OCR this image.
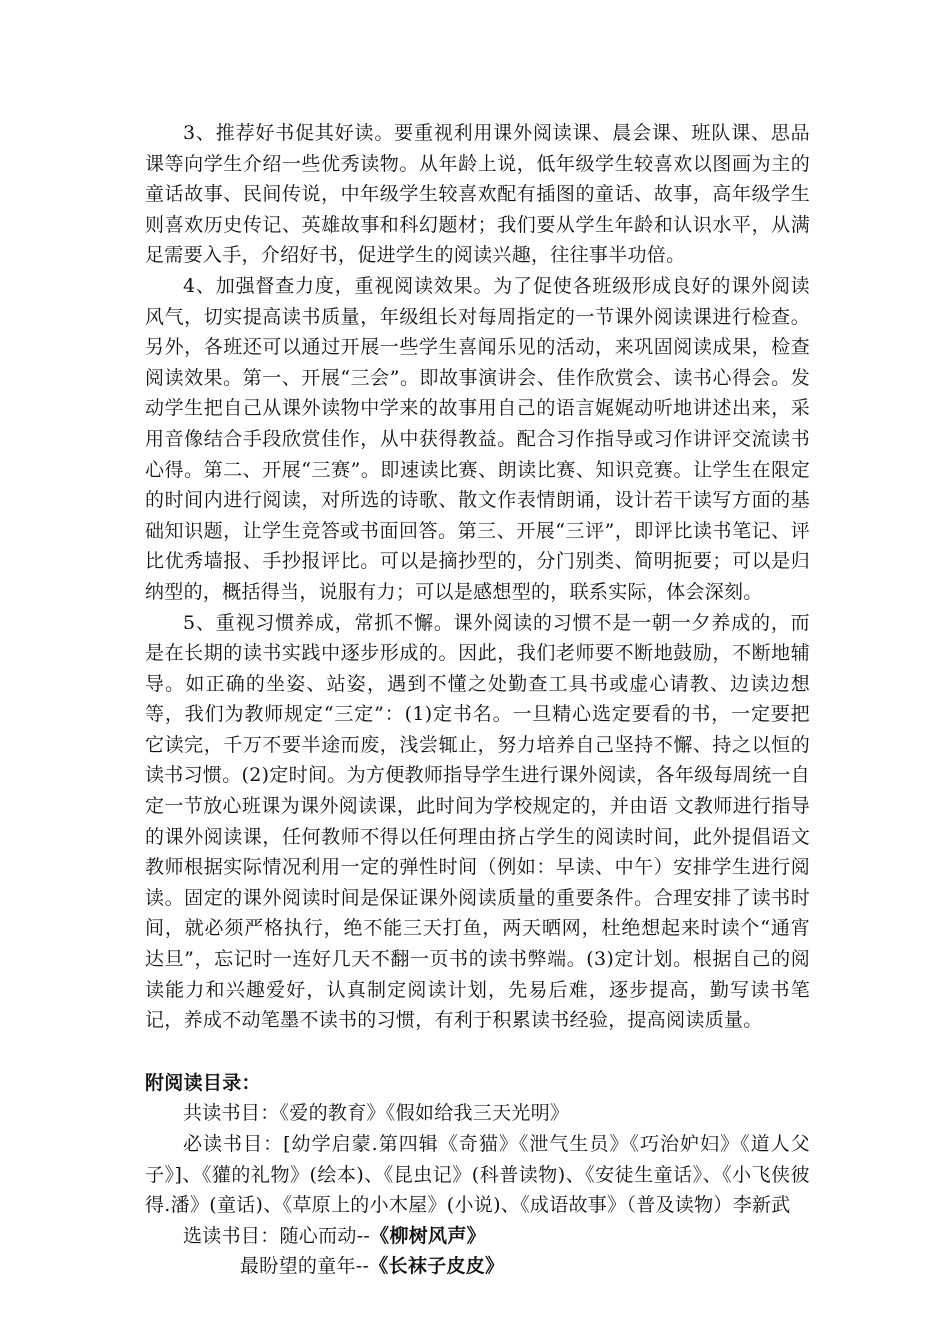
3、推荐好书促其好读。要重视利用课外阅读课、晨会课、班队课、思品课等向学生介绍一些优秀读物。从年龄上说，低年级学生较喜欢以图画为主的童话故事、民间传说，中年级学生较喜欢配有插图的童话、故事，高年级学生则喜欢历史传记、英雄故事和科幻题材；我们要从学生年龄和认识水平，从满足需要入手，介绍好书，促进学生的阅读兴趣，往往事半功倍。

4、加强督查力度，重视阅读效果。为了促使各班级形成良好的课外阅读风气，切实提高读书质量，年级组长对每周指定的一节课外阅读课进行检查。另外，各班还可以通过开展一些学生喜闻乐见的活动，来巩固阅读成果，检查阅读效果。第一、开展“三会”。即故事演讲会、佳作欣赏会、读书心得会。发动学生把自己从课外读物中学来的故事用自己的语言娓娓动听地讲述出来，采用音像结合手段欣赏佳作，从中获得教益。配合习作指导或习作讲评交流读书心得。第二、开展“三赛”。即速读比赛、朗读比赛、知识竞赛。让学生在限定的时间内进行阅读，对所选的诗歌、散文作表情朗诵，设计若干读写方面的基础知识题，让学生竞答或书面回答。第三、开展“三评”，即评比读书笔记、评比优秀墙报、手抄报评比。可以是摘抄型的，分门别类、简明扼要；可以是归纳型的，概括得当，说服有力；可以是感想型的，联系实际，体会深刻。

5、重视习惯养成，常抓不懈。课外阅读的习惯不是一朝一夕养成的，而是在长期的读书实践中逐步形成的。因此，我们老师要不断地鼓励，不断地辅导。如正确的坐姿、站姿，遇到不懂之处勤查工具书或虚心请教、边读边想等，我们为教师规定“三定”：(1)定书名。一旦精心选定要看的书，一定要把它读完，千万不要半途而废，浅尝辄止，努力培养自己坚持不懈、持之以恒的读书习惯。(2)定时间。为方便教师指导学生进行课外阅读，各年级每周统一自定一节放心班课为课外阅读课，此时间为学校规定的，并由语 文教师进行指导的课外阅读课，任何教师不得以任何理由挤占学生的阅读时间，此外提倡语文教师根据实际情况利用一定的弹性时间（例如：早读、中午）安排学生进行阅读。固定的课外阅读时间是保证课外阅读质量的重要条件。合理安排了读书时间，就必须严格执行，绝不能三天打鱼，两天晒网，杜绝想起来时读个“通宵达旦”，忘记时一连好几天不翻一页书的读书弊端。(3)定计划。根据自己的阅读能力和兴趣爱好，认真制定阅读计划，先易后难，逐步提高，勤写读书笔记，养成不动笔墨不读书的习惯，有利于积累读书经验，提高阅读质量。

附阅读目录：

共读书目：《爱的教育》《假如给我三天光明》

必读书目：[幼学启蒙.第四辑《奇猫》《泄气生员》《巧治妒妇》《道人父子》]、《獾的礼物》(绘本)、《昆虫记》(科普读物)、《安徒生童话》、《小飞侠彼得.潘》(童话)、《草原上的小木屋》(小说)、《成语故事》（普及读物）李新武

选读书目：随心而动--《柳树风声》

最盼望的童年--《长袜子皮皮》
